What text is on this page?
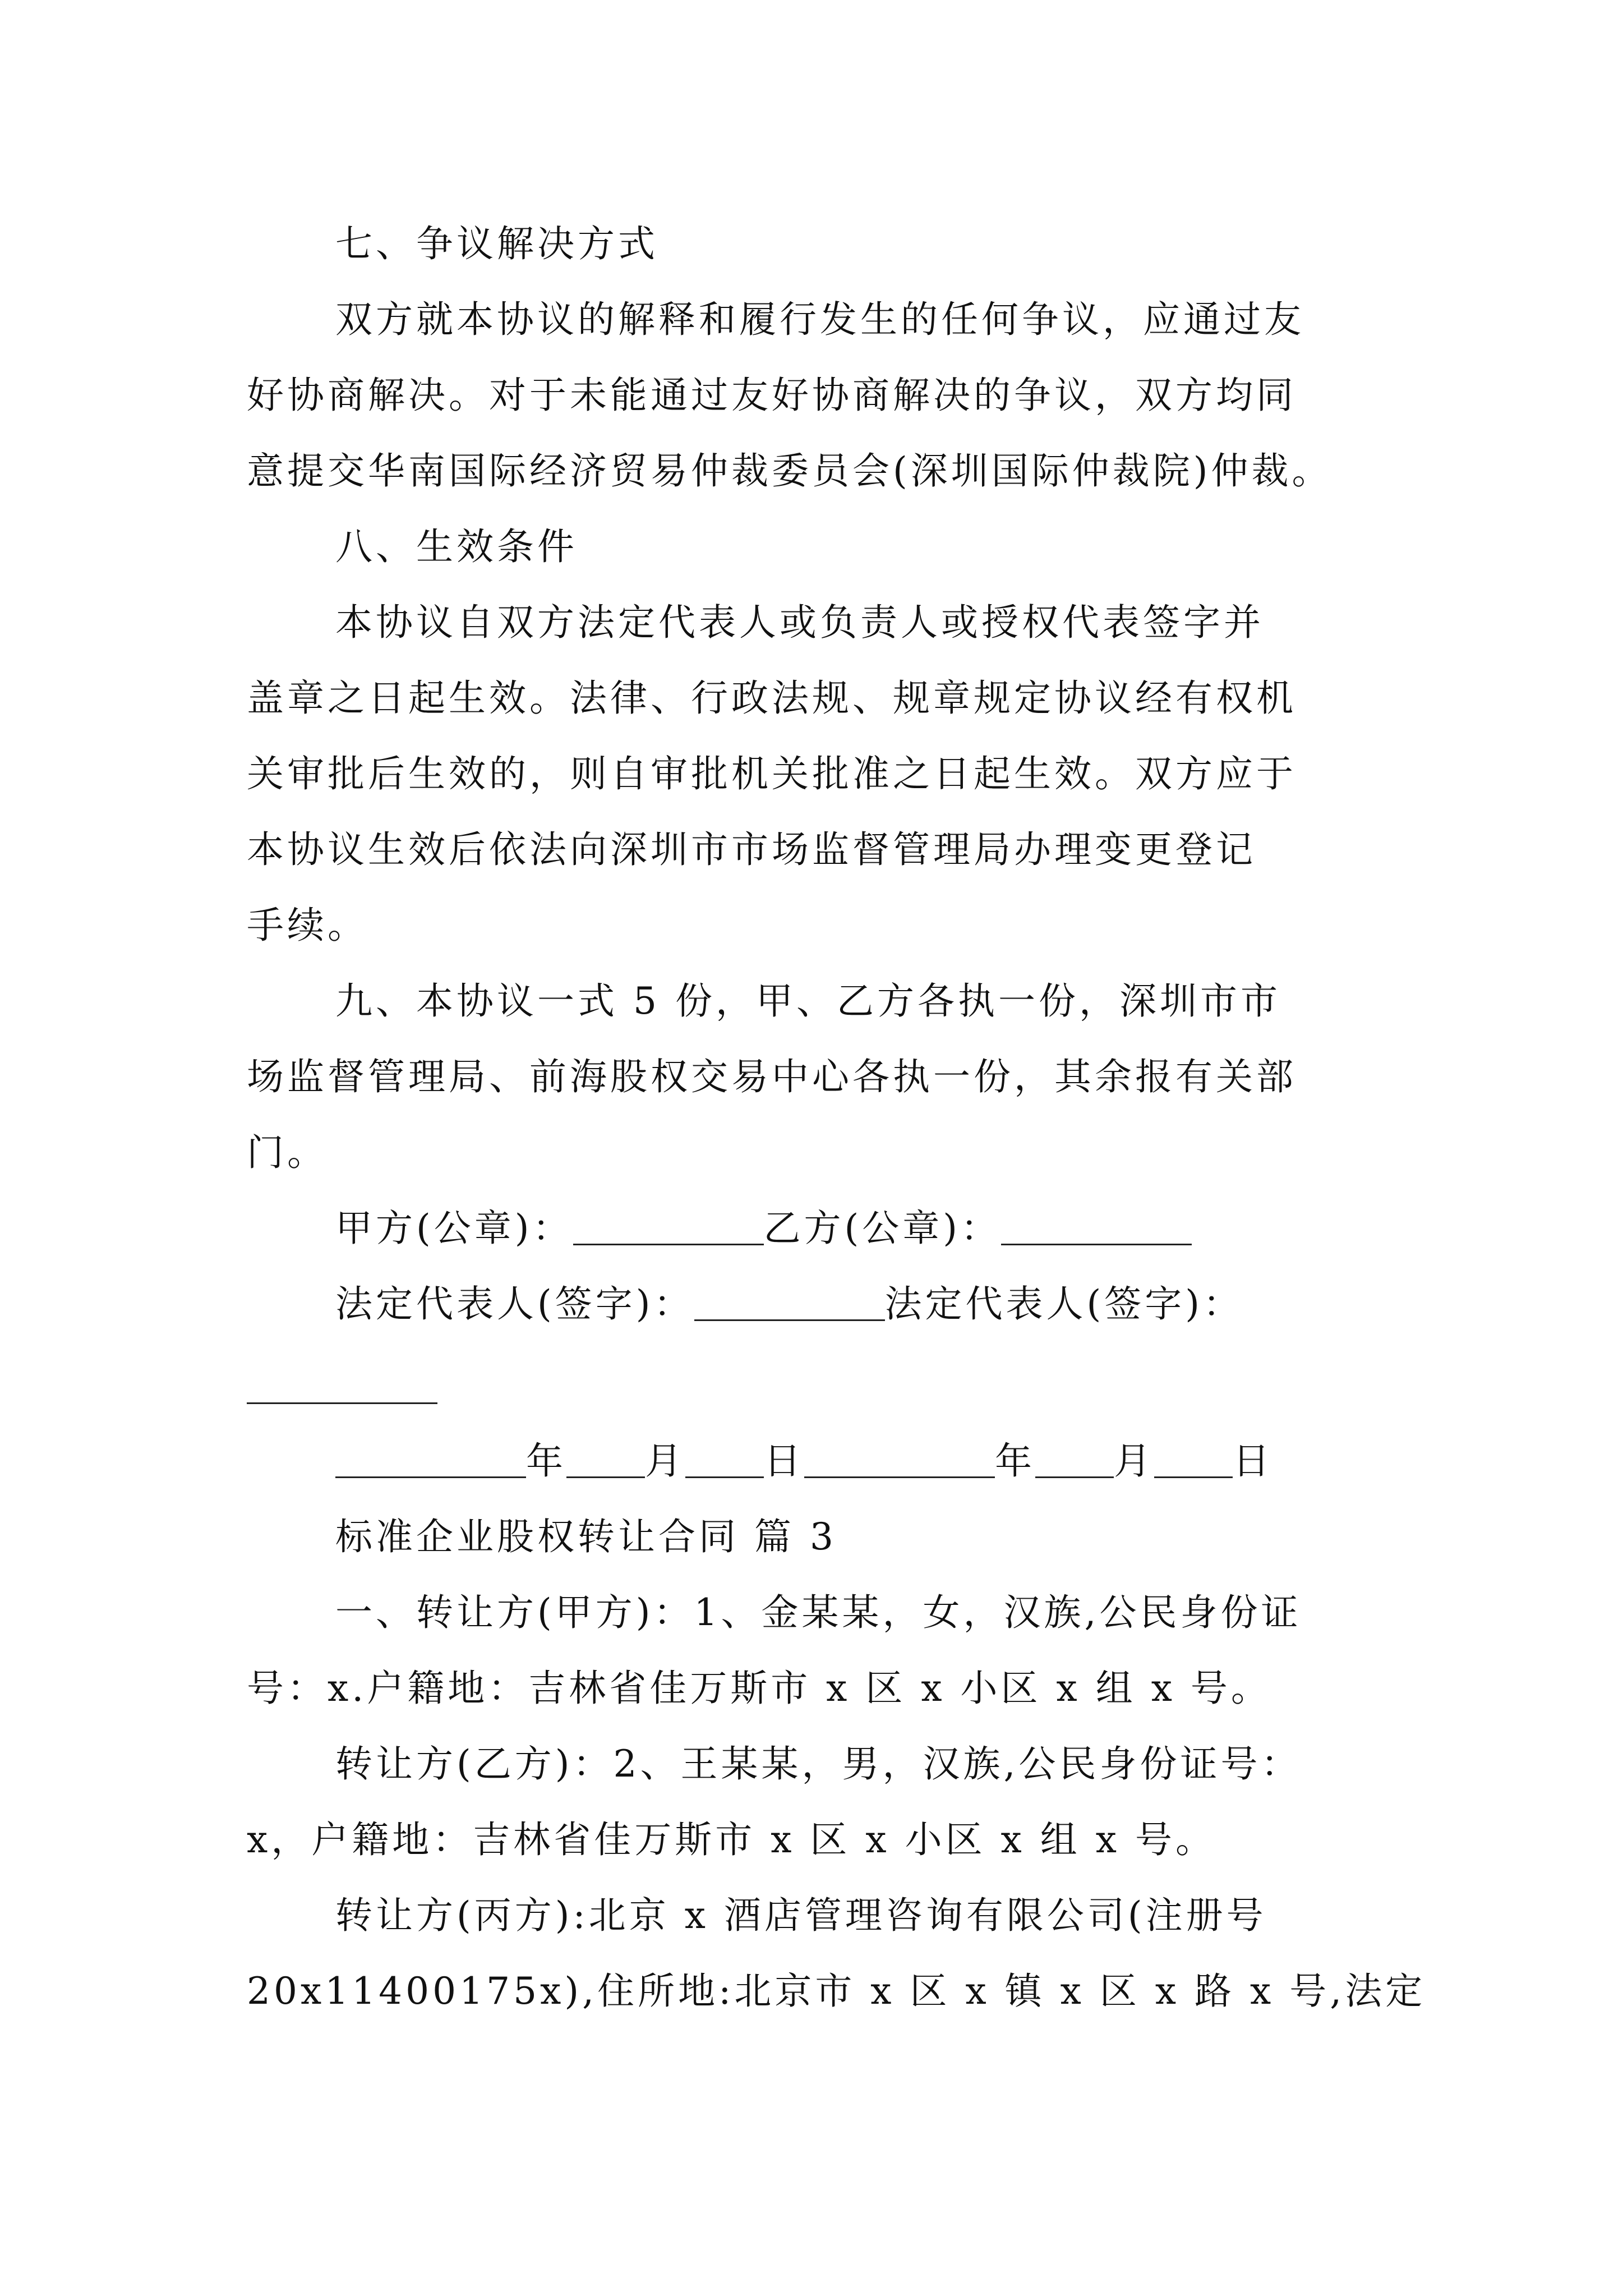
七、争议解决方式
双方就本协议的解释和履行发生的任何争议，应通过友
好协商解决。对于未能通过友好协商解决的争议，双方均同
意提交华南国际经济贸易仲裁委员会(深圳国际仲裁院)仲裁。
八、生效条件
本协议自双方法定代表人或负责人或授权代表签字并
盖章之日起生效。法律、行政法规、规章规定协议经有权机
关审批后生效的，则自审批机关批准之日起生效。双方应于
本协议生效后依法向深圳市市场监督管理局办理变更登记
手续。
九、本协议一式 5 份，甲、乙方各执一份，深圳市市
场监督管理局、前海股权交易中心各执一份，其余报有关部
门。
甲方(公章)：	乙方(公章)：
法定代表人(签字)：	法定代表人(签字)：
年 月 日	年 月 日
标准企业股权转让合同 篇 3
一、转让方(甲方)：1、金某某，女，汉族,公民身份证
号：x.户籍地：吉林省佳万斯市 x 区 x 小区 x 组 x 号。
转让方(乙方)：2、王某某，男，汉族,公民身份证号：
x，户籍地：吉林省佳万斯市 x 区 x 小区 x 组 x 号。
转让方(丙方):北京 x 酒店管理咨询有限公司(注册号
20x11400175x),住所地:北京市 x 区 x 镇 x 区 x 路 x 号,法定
